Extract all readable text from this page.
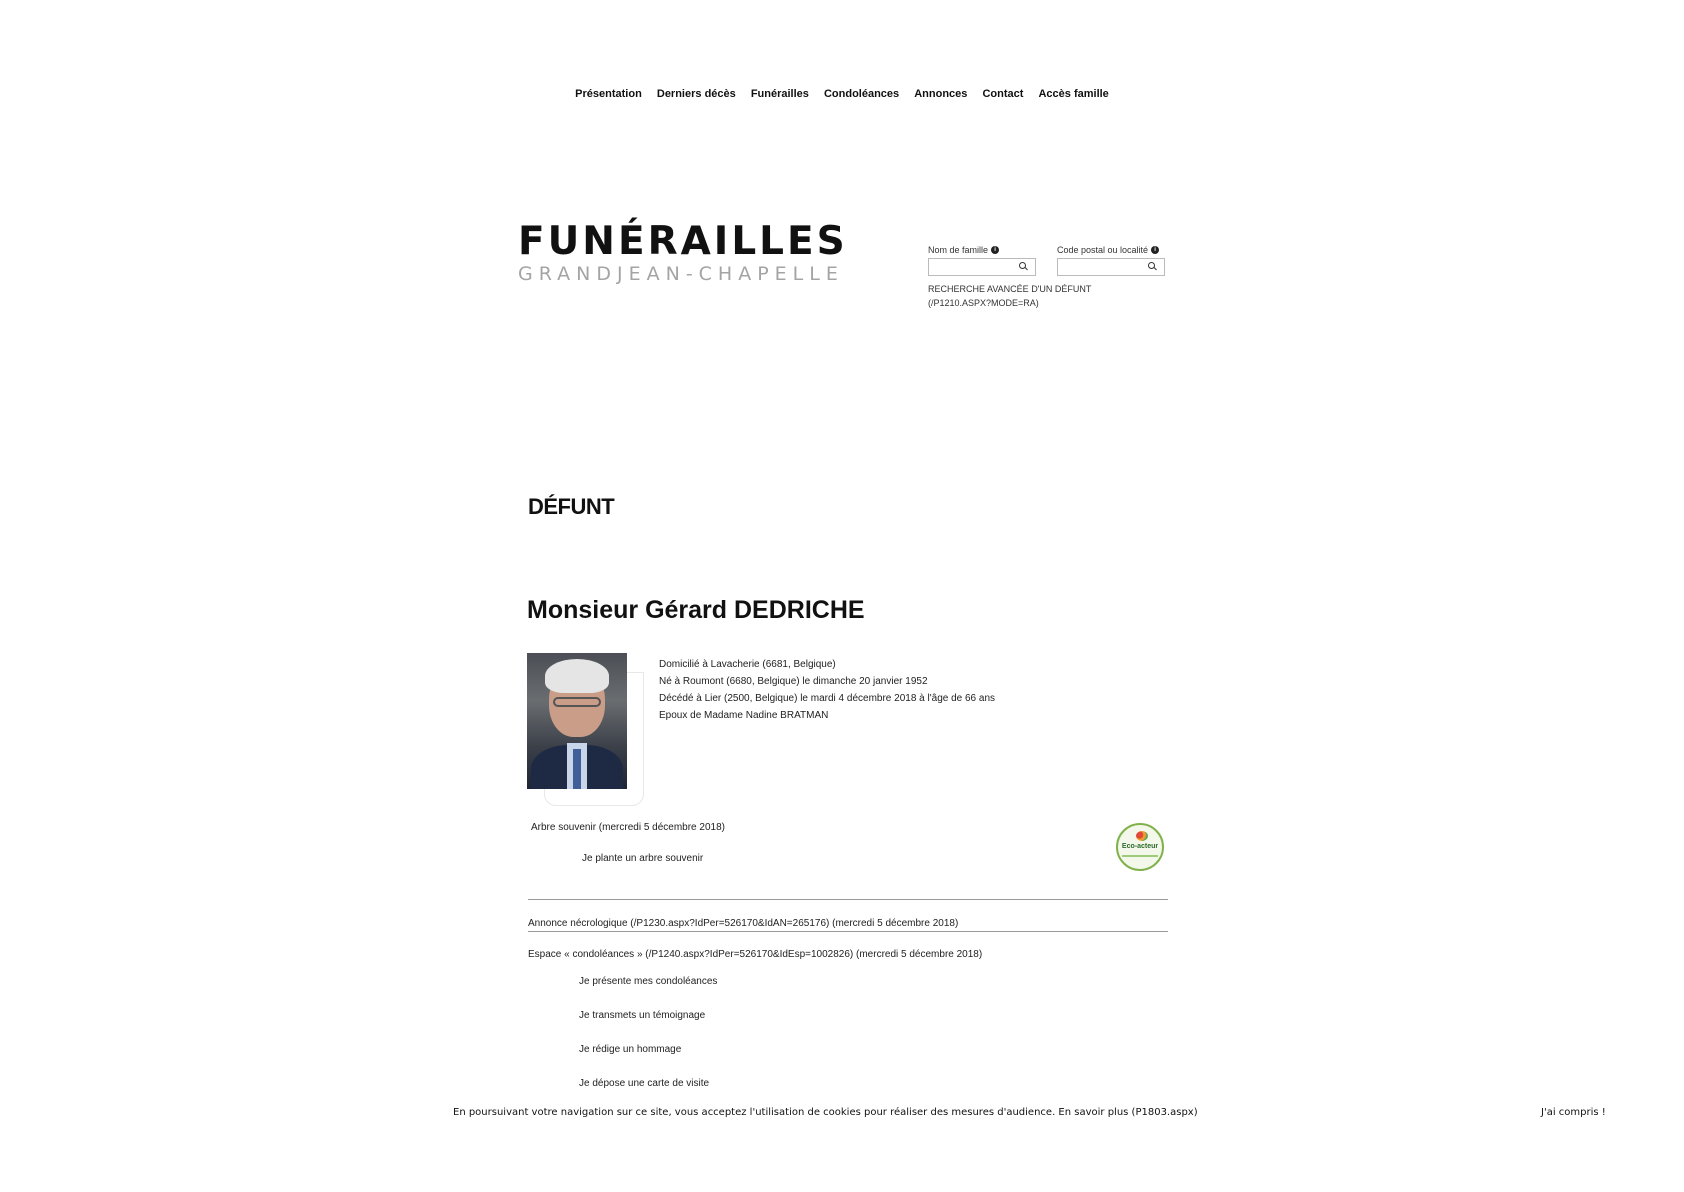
Présentation Derniers décès Funérailles Condoléances Annonces Contact Accès famille
FUNÉRAILLES
GRANDJEAN-CHAPELLE
Nom de famille	i	Code postal ou localité	i
RECHERCHE AVANCÉE D'UN DÉFUNT
(/P1210.ASPX?MODE=RA)
DÉFUNT
Monsieur Gérard DEDRICHE
Domicilié à Lavacherie (6681, Belgique)
Né à Roumont (6680, Belgique) le dimanche 20 janvier 1952
Décédé à Lier (2500, Belgique) le mardi 4 décembre 2018 à l'âge de 66 ans
Epoux de Madame Nadine BRATMAN
Arbre souvenir (mercredi 5 décembre 2018)
Je plante un arbre souvenir
Eco-acteur
Annonce nécrologique (/P1230.aspx?IdPer=526170&IdAN=265176) (mercredi 5 décembre 2018)
Espace « condoléances » (/P1240.aspx?IdPer=526170&IdEsp=1002826) (mercredi 5 décembre 2018)
Je présente mes condoléances
Je transmets un témoignage
Je rédige un hommage
Je dépose une carte de visite
En poursuivant votre navigation sur ce site, vous acceptez l'utilisation de cookies pour réaliser des mesures d'audience. En savoir plus (P1803.aspx)	J'ai compris !
